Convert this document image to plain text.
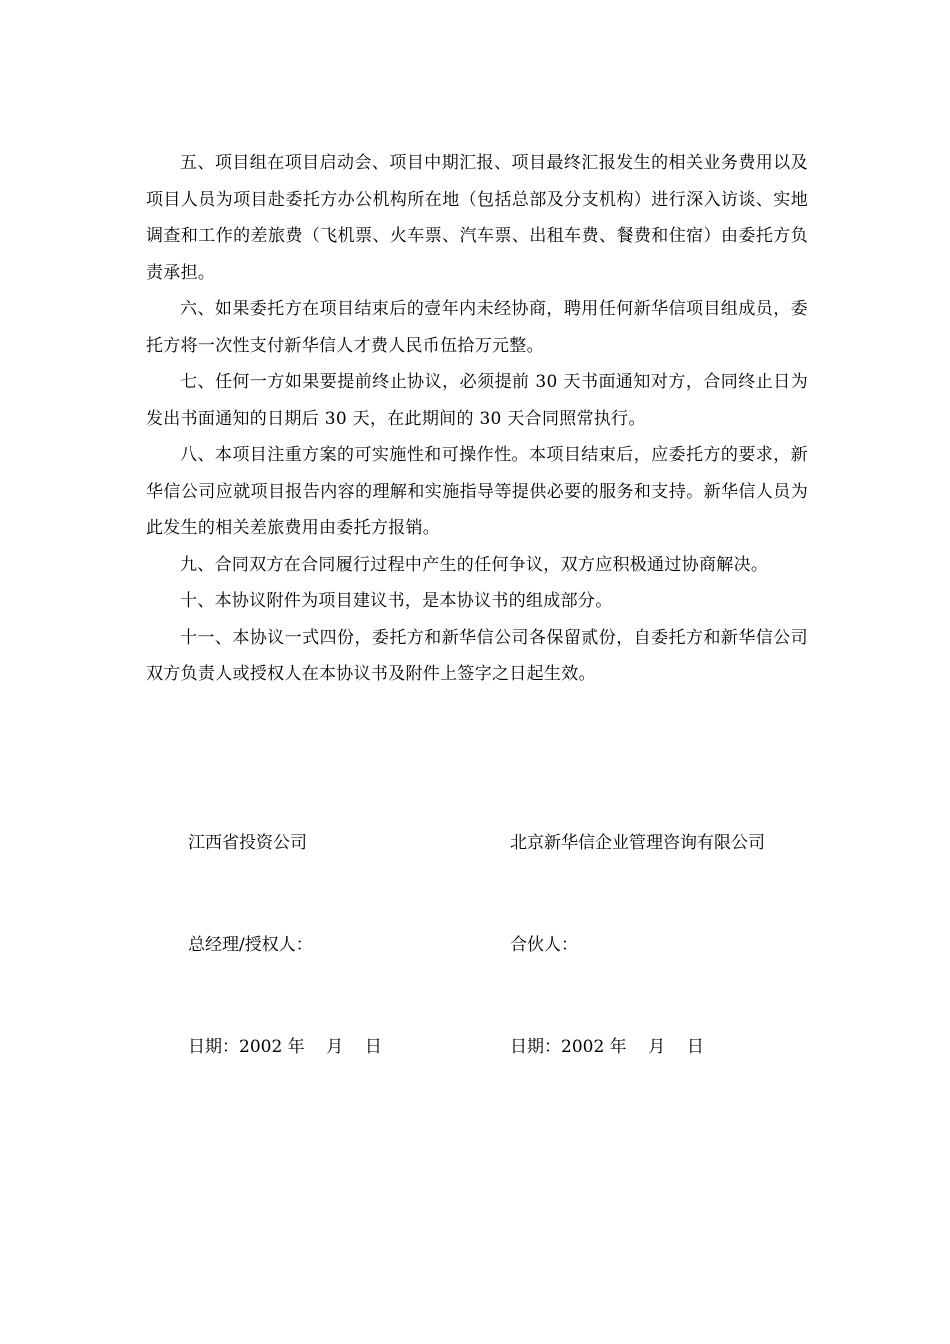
五、项目组在项目启动会、项目中期汇报、项目最终汇报发生的相关业务费用以及项目人员为项目赴委托方办公机构所在地（包括总部及分支机构）进行深入访谈、实地调查和工作的差旅费（飞机票、火车票、汽车票、出租车费、餐费和住宿）由委托方负责承担。

六、如果委托方在项目结束后的壹年内未经协商，聘用任何新华信项目组成员，委托方将一次性支付新华信人才费人民币伍拾万元整。

七、任何一方如果要提前终止协议，必须提前 30 天书面通知对方，合同终止日为发出书面通知的日期后 30 天，在此期间的 30 天合同照常执行。

八、本项目注重方案的可实施性和可操作性。本项目结束后，应委托方的要求，新华信公司应就项目报告内容的理解和实施指导等提供必要的服务和支持。新华信人员为此发生的相关差旅费用由委托方报销。

九、合同双方在合同履行过程中产生的任何争议，双方应积极通过协商解决。

十、本协议附件为项目建议书，是本协议书的组成部分。

十一、本协议一式四份，委托方和新华信公司各保留贰份，自委托方和新华信公司双方负责人或授权人在本协议书及附件上签字之日起生效。

江西省投资公司

总经理/授权人：

日期：2002 年    月    日

北京新华信企业管理咨询有限公司

合伙人：

日期：2002 年    月    日
